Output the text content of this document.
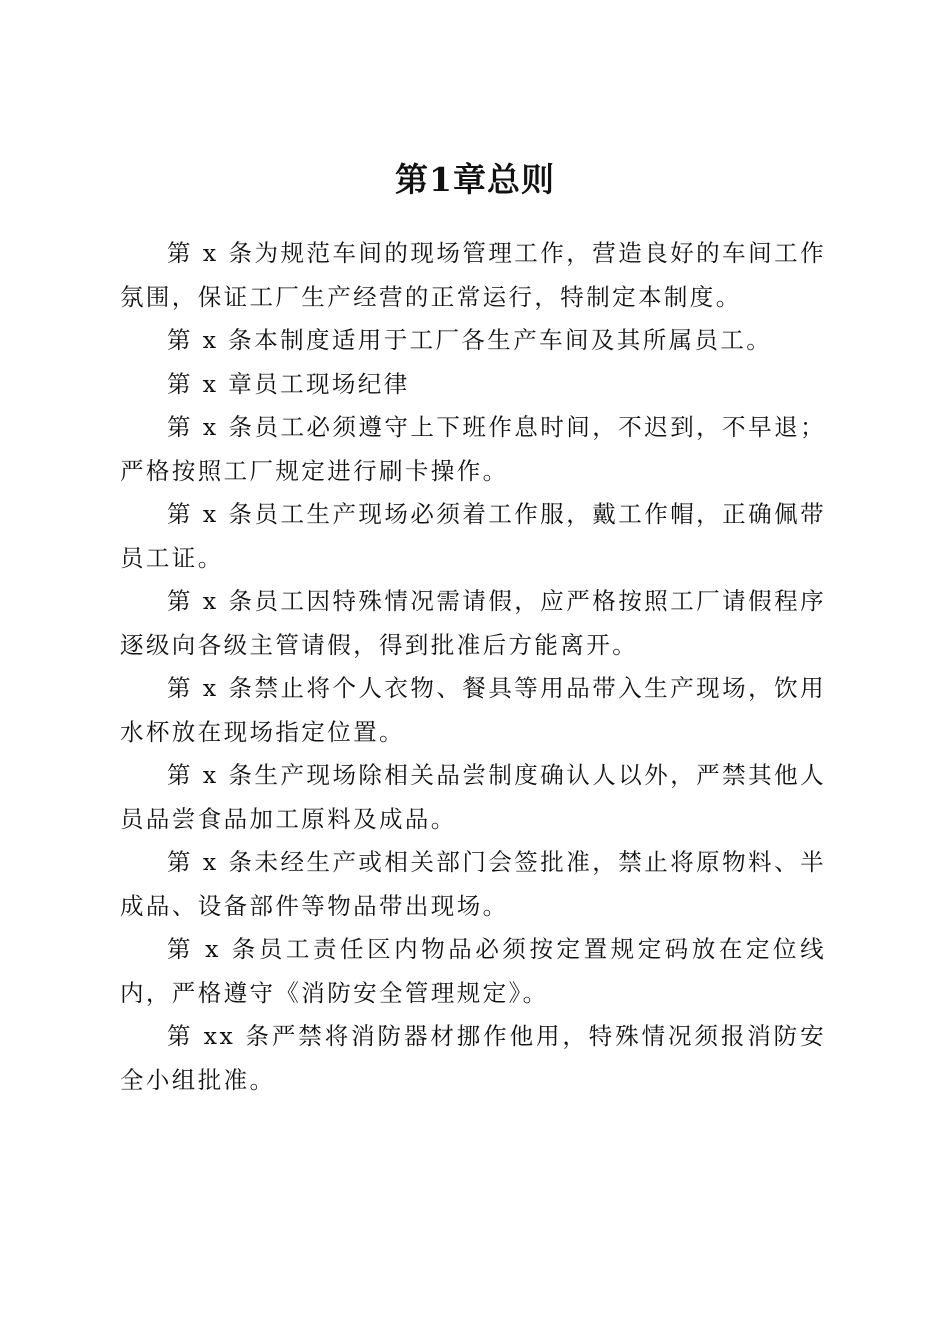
第1章总则

第 x 条为规范车间的现场管理工作，营造良好的车间工作氛围，保证工厂生产经营的正常运行，特制定本制度。

第 x 条本制度适用于工厂各生产车间及其所属员工。

第 x 章员工现场纪律

第 x 条员工必须遵守上下班作息时间，不迟到，不早退；严格按照工厂规定进行刷卡操作。

第 x 条员工生产现场必须着工作服，戴工作帽，正确佩带员工证。

第 x 条员工因特殊情况需请假，应严格按照工厂请假程序逐级向各级主管请假，得到批准后方能离开。

第 x 条禁止将个人衣物、餐具等用品带入生产现场，饮用水杯放在现场指定位置。

第 x 条生产现场除相关品尝制度确认人以外，严禁其他人员品尝食品加工原料及成品。

第 x 条未经生产或相关部门会签批准，禁止将原物料、半成品、设备部件等物品带出现场。

第 x 条员工责任区内物品必须按定置规定码放在定位线内，严格遵守《消防安全管理规定》。

第 xx 条严禁将消防器材挪作他用，特殊情况须报消防安全小组批准。
